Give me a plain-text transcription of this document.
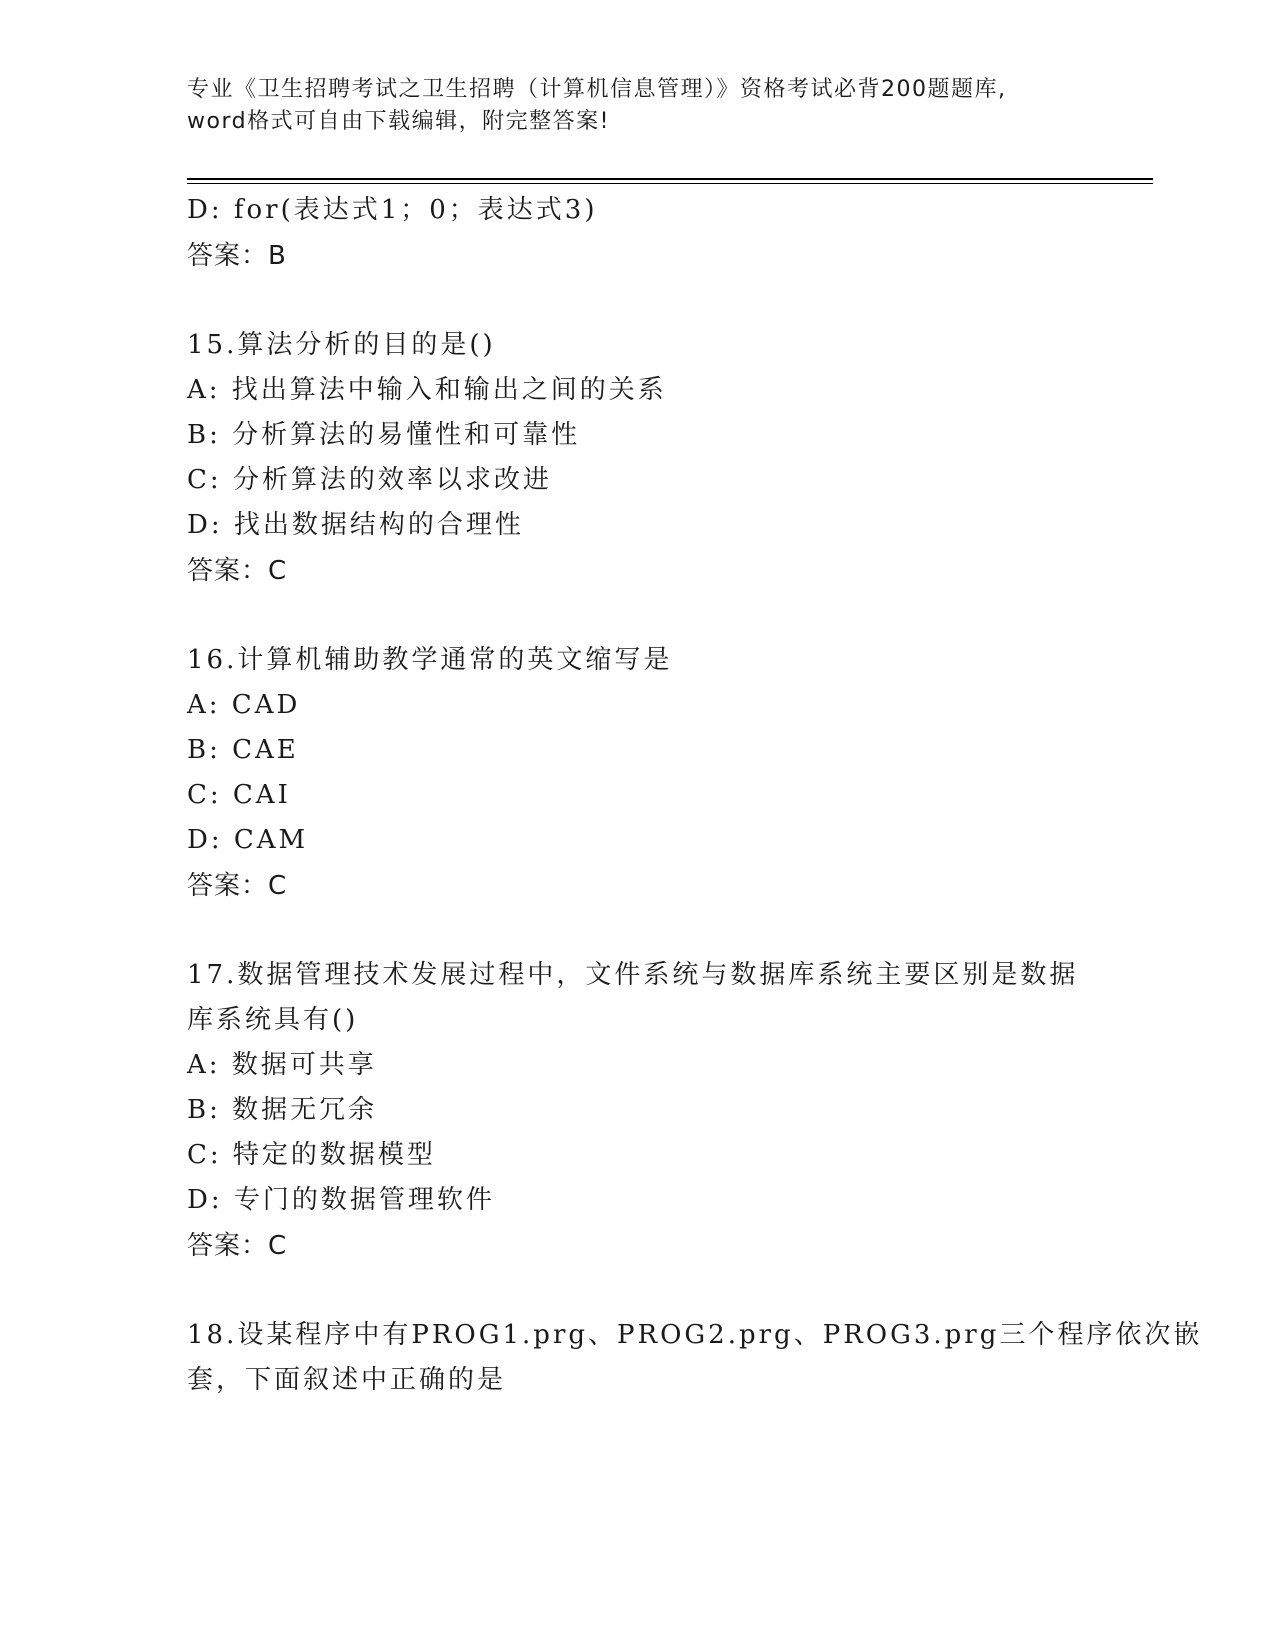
专业《卫生招聘考试之卫生招聘（计算机信息管理）》资格考试必背200题题库,
word格式可自由下载编辑，附完整答案!
D: for(表达式1；0；表达式3)
答案：B
15.算法分析的目的是()
A: 找出算法中输入和输出之间的关系
B: 分析算法的易懂性和可靠性
C: 分析算法的效率以求改进
D: 找出数据结构的合理性
答案：C
16.计算机辅助教学通常的英文缩写是
A: CAD
B: CAE
C: CAI
D: CAM
答案：C
17.数据管理技术发展过程中，文件系统与数据库系统主要区别是数据
库系统具有()
A: 数据可共享
B: 数据无冗余
C: 特定的数据模型
D: 专门的数据管理软件
答案：C
18.设某程序中有PROG1.prg、PROG2.prg、PROG3.prg三个程序依次嵌
套，下面叙述中正确的是
